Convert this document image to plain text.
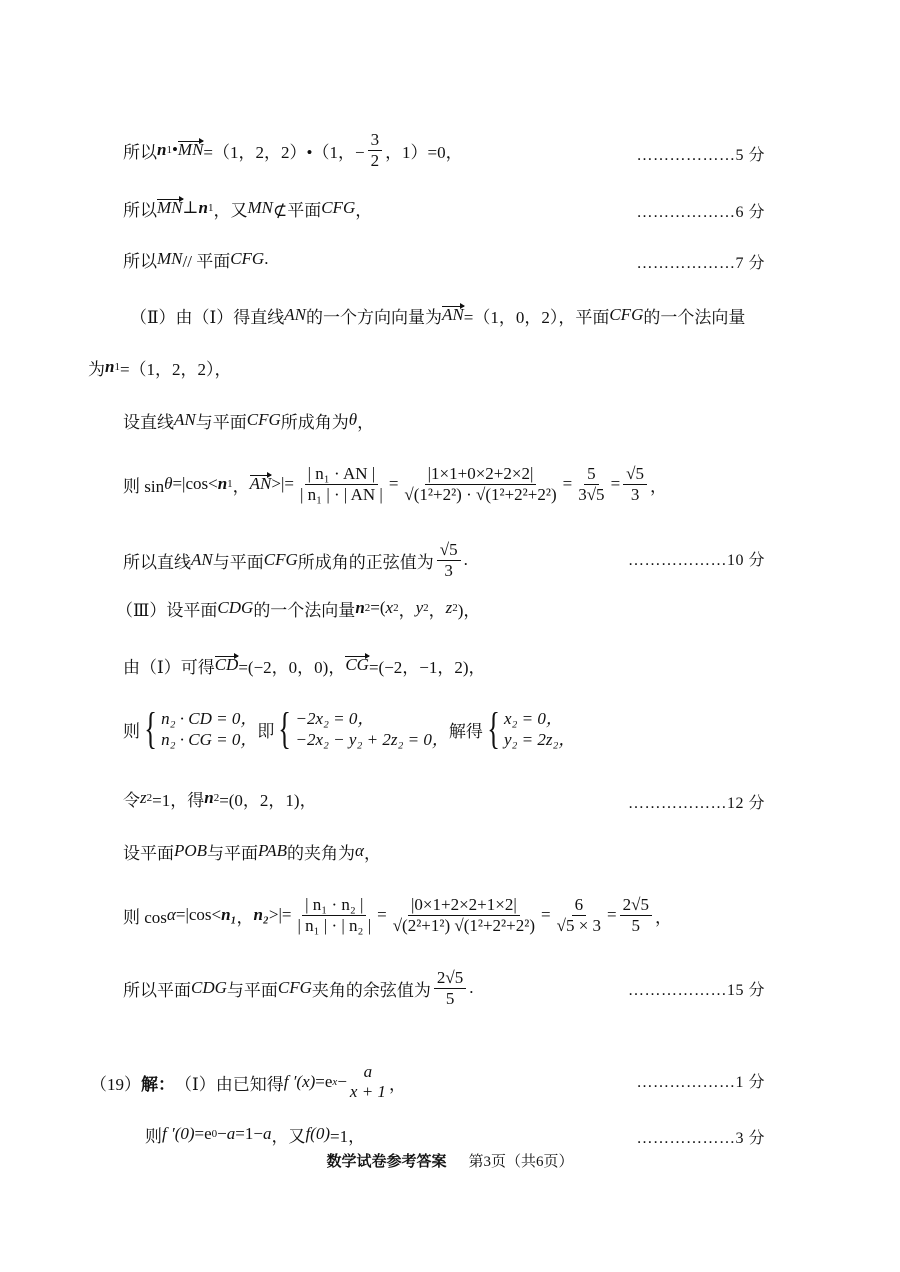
所以 n 1 • MN =（1，2，2）•（1，− $\frac{3}{2}$ ，1）=0，	………………5 分
所以 MN ⊥ n 1 ，又 MN ⊄平面 CFG ，	………………6 分
所以 MN // 平面 CFG .	………………7 分
（Ⅱ）由（Ⅰ）得直线 AN 的一个方向向量为 AN =（1，0，2），平面 CFG 的一个法向量
为 n 1 =（1，2，2），
设直线 AN 与平面 CFG 所成角为 θ ，
则 sin θ =|cos< n 1 ， AN >|= $\frac{\text{| n₁ · AN |}}{\text{| n₁ | · | AN |}} = \frac{|1\times 1+0\times 2+2\times 2|}{\text{√(1²+2²) · √(1²+2²+2²)}} = \frac{5}{3√5} = \frac{√5}{3}$ ，
所以直线 AN 与平面 CFG 所成角的正弦值为 $\frac{√5}{3}$ .	………………10 分
（Ⅲ）设平面 CDG 的一个法向量 n 2 =( x 2 ， y 2 ， z 2 )，
由（Ⅰ）可得 CD =(−2，0，0)， CG =(−2，−1，2)，
则 { n₂ · CD = 0，
n₂ · CG = 0， 即 { −2x₂ = 0，
−2x₂ − y₂ + 2z₂ = 0， 解得 { x₂ = 0，
y₂ = 2z₂，
令 z 2 =1，得 n 2 =(0，2，1)，	………………12 分
设平面 POB 与平面 PAB 的夹角为 α ，
则 cos α =|cos< n₁ ， n₂ >|= $\frac{\text{| n₁ · n₂ |}}{\text{| n₁ | · | n₂ |}} = \frac{|0\times 1+2\times 2+1\times 2|}{\text{√(2²+1²) √(1²+2²+2²)}} = \frac{6}{√5 \times 3} = \frac{2√5}{5}$ ，
所以平面 CDG 与平面 CFG 夹角的余弦值为 $\frac{2√5}{5}$ .	………………15 分
（19） 解： （Ⅰ）由已知得 f ′(x) =e x −
a
x + 1 ，	………………1 分
则 f ′(0) =e 0 − a =1− a ，又 f(0) =1，	………………3 分
数学试卷参考答案 第3页（共6页）
